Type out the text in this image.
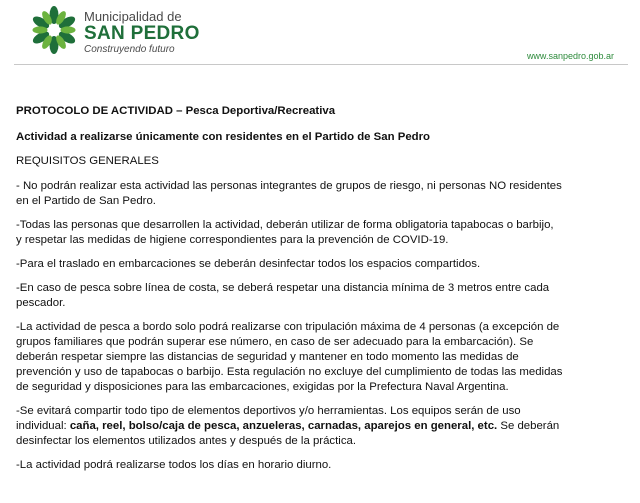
Municipalidad de
SAN PEDRO
Construyendo futuro
www.sanpedro.gob.ar

PROTOCOLO DE ACTIVIDAD – Pesca Deportiva/Recreativa

Actividad a realizarse únicamente con residentes en el Partido de San Pedro

REQUISITOS GENERALES

- No podrán realizar esta actividad las personas integrantes de grupos de riesgo, ni personas NO residentes

en el Partido de San Pedro.

-Todas las personas que desarrollen la actividad, deberán utilizar de forma obligatoria tapabocas o barbijo,

y respetar las medidas de higiene correspondientes para la prevención de COVID-19.

-Para el traslado en embarcaciones se deberán desinfectar todos los espacios compartidos.

-En caso de pesca sobre línea de costa, se deberá respetar una distancia mínima de 3 metros entre cada

pescador.

-La actividad de pesca a bordo solo podrá realizarse con tripulación máxima de 4 personas (a excepción de

grupos familiares que podrán superar ese número, en caso de ser adecuado para la embarcación). Se

deberán respetar siempre las distancias de seguridad y mantener en todo momento las medidas de

prevención y uso de tapabocas o barbijo. Esta regulación no excluye del cumplimiento de todas las medidas

de seguridad y disposiciones para las embarcaciones, exigidas por la Prefectura Naval Argentina.

-Se evitará compartir todo tipo de elementos deportivos y/o herramientas. Los equipos serán de uso

individual: caña, reel, bolso/caja de pesca, anzueleras, carnadas, aparejos en general, etc. Se deberán

desinfectar los elementos utilizados antes y después de la práctica.

-La actividad podrá realizarse todos los días en horario diurno.
